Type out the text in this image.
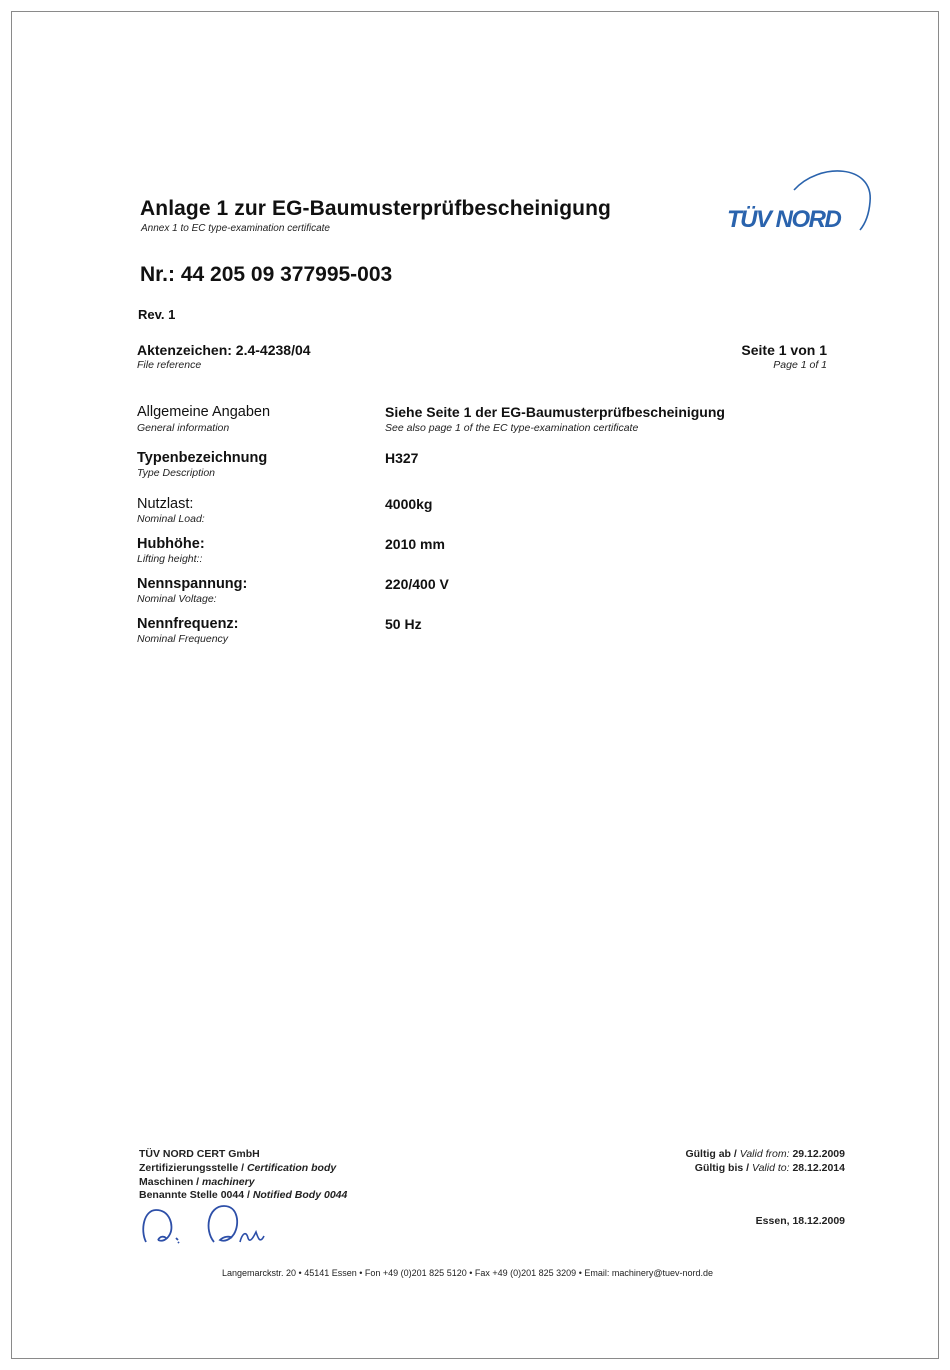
Anlage 1 zur EG-Baumusterprüfbescheinigung
Annex 1 to EC type-examination certificate	TÜV NORD
Nr.: 44 205 09 377995-003
Rev. 1
Aktenzeichen: 2.4-4238/04
File reference
Seite 1 von 1
Page 1 of 1
Allgemeine Angaben
General information
Siehe Seite 1 der EG-Baumusterprüfbescheinigung
See also page 1 of the EC type-examination certificate
Typenbezeichnung
Type Description
H327
Nutzlast:
Nominal Load:
4000kg
Hubhöhe:
Lifting height::
2010 mm
Nennspannung:
Nominal Voltage:
220/400 V
Nennfrequenz:
Nominal Frequency
50 Hz
TÜV NORD CERT GmbH
Zertifizierungsstelle / Certification body
Maschinen / machinery
Benannte Stelle 0044 / Notified Body 0044
Gültig ab / Valid from: 29.12.2009
Gültig bis / Valid to: 28.12.2014
Essen, 18.12.2009
Langemarckstr. 20 • 45141 Essen • Fon +49 (0)201 825 5120 • Fax +49 (0)201 825 3209 • Email: machinery@tuev-nord.de
